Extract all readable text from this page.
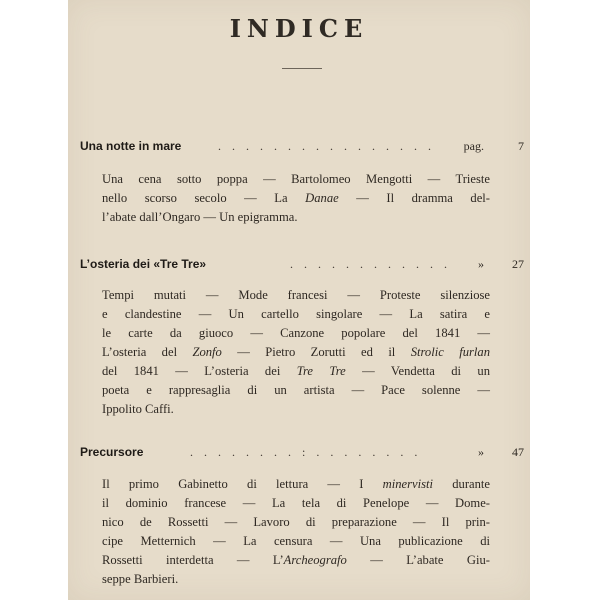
INDICE
Una notte in mare	. . . . . . . . . . . . . . . .	pag.	7
Una cena sotto poppa — Bartolomeo Mengotti — Trieste
nello scorso secolo — La Danae — Il dramma del-
l’abate dall’Ongaro — Un epigramma.
L’osteria dei «Tre Tre»	. . . . . . . . . . . .	» 27
Tempi mutati — Mode francesi — Proteste silenziose
e clandestine — Un cartello singolare — La satira e
le carte da giuoco — Canzone popolare del 1841 —
L’osteria del Zonfo — Pietro Zorutti ed il Strolic furlan
del 1841 — L’osteria dei Tre Tre — Vendetta di un
poeta e rappresaglia di un artista — Pace solenne —
Ippolito Caffi.
Precursore	. . . . . . . . : . . . . . . . .	» 47
Il primo Gabinetto di lettura — I minervisti durante
il dominio francese — La tela di Penelope — Dome-
nico de Rossetti — Lavoro di preparazione — Il prin-
cipe Metternich — La censura — Una publicazione di
Rossetti interdetta — L’Archeografo — L’abate Giu-
seppe Barbieri.
